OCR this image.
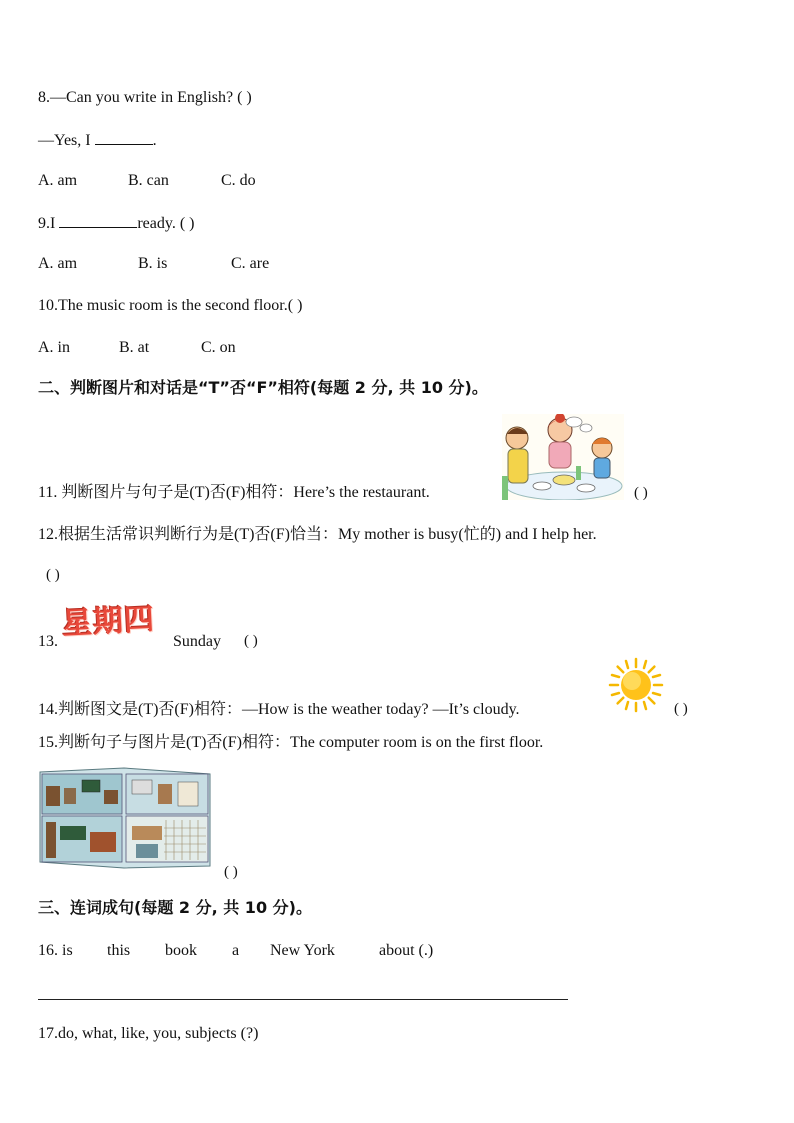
8.—Can you write in English? ( )
—Yes, I	.
A. am	B. can	C. do
9.I	ready. ( )
A. am	B. is	C. are
10.The music room is the second floor.( )
A. in	B. at	C. on
二、判断图片和对话是“T”否“F”相符(每题 2 分, 共 10 分)。
11. 判断图片与句子是(T)否(F)相符：Here’s the restaurant.	( )
12.根据生活常识判断行为是(T)否(F)恰当：My mother is busy(忙的) and I help her.
( )
13. 星期四	Sunday ( )
14.判断图文是(T)否(F)相符：—How is the weather today? —It’s cloudy.	( )
15.判断句子与图片是(T)否(F)相符：The computer room is on the first floor.
( )
三、连词成句(每题 2 分, 共 10 分)。
16. is this book a New York	about (.)
17.do, what, like, you, subjects (?)
